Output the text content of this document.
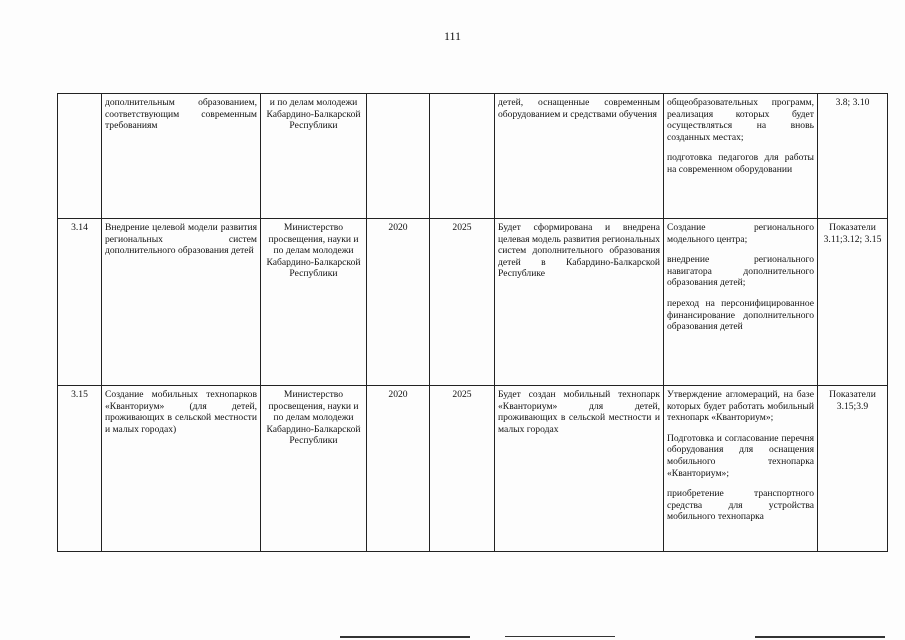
111
	дополнительным образованием, соответствующим современным требованиям	и по делам молодежи Кабардино-Балкарской Республики			детей, оснащенные современным оборудованием и средствами обучения	общеобразовательных программ, реализация которых будет осуществляться на вновь созданных местах;
подготовка педагогов для работы на современном оборудовании	3.8; 3.10
3.14	Внедрение целевой модели развития региональных систем дополнительного образования детей	Министерство просвещения, науки и по делам молодежи Кабардино-Балкарской Республики	2020	2025	Будет сформирована и внедрена целевая модель развития региональных систем дополнительного образования детей в Кабардино-Балкарской Республике	Создание регионального модельного центра;
внедрение регионального навигатора дополнительного образования детей;
переход на персонифицированное финансирование дополнительного образования детей	Показатели 3.11;3.12; 3.15
3.15	Создание мобильных технопарков «Кванториум» (для детей, проживающих в сельской местности и малых городах)	Министерство просвещения, науки и по делам молодежи Кабардино-Балкарской Республики	2020	2025	Будет создан мобильный технопарк «Кванториум» для детей, проживающих в сельской местности и малых городах	Утверждение агломераций, на базе которых будет работать мобильный технопарк «Кванториум»;
Подготовка и согласование перечня оборудования для оснащения мобильного технопарка «Кванториум»;
приобретение транспортного средства для устройства мобильного технопарка	Показатели 3.15;3.9
